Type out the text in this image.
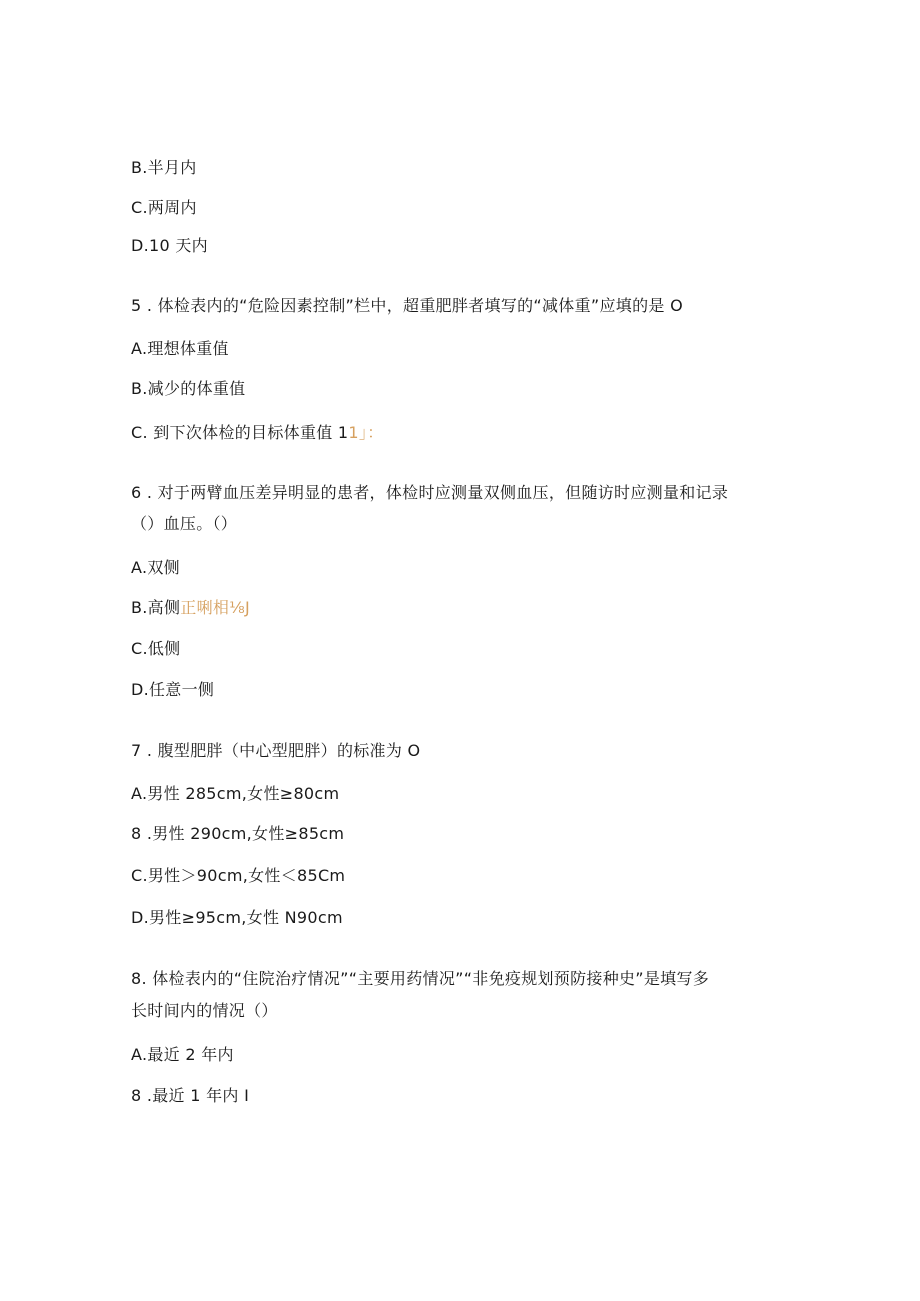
B.半月内
C.两周内
D.10 天内
5 . 体检表内的“危险因素控制”栏中，超重肥胖者填写的“减体重”应填的是 O
A.理想体重值
B.减少的体重值
C. 到下次体检的目标体重值 11」：
6 . 对于两臂血压差异明显的患者，体检时应测量双侧血压，但随访时应测量和记录
（）血压。（）
A.双侧
B.高侧正唎相⅛J
C.低侧
D.任意一侧
7 . 腹型肥胖（中心型肥胖）的标准为 O
A.男性 285cm,女性≥80cm
8 .男性 290cm,女性≥85cm
C.男性＞90cm,女性＜85Cm
D.男性≥95cm,女性 N90cm
8. 体检表内的“住院治疗情况”“主要用药情况”“非免疫规划预防接种史”是填写多
长时间内的情况（）
A.最近 2 年内
8 .最近 1 年内 I
